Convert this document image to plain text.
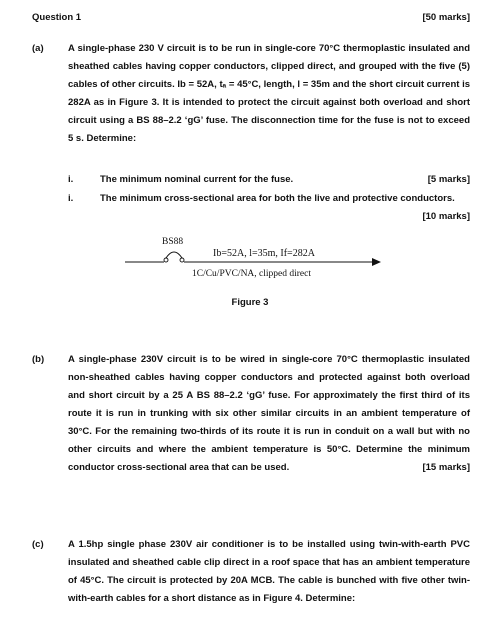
Question 1	[50 marks]
(a)	A single-phase 230 V circuit is to be run in single-core 70°C thermoplastic insulated and sheathed cables having copper conductors, clipped direct, and grouped with the five (5) cables of other circuits. Ib = 52A, tₐ = 45°C, length, l = 35m and the short circuit current is 282A as in Figure 3. It is intended to protect the circuit against both overload and short circuit using a BS 88–2.2 ‘gG’ fuse. The disconnection time for the fuse is not to exceed 5 s. Determine:
i.	The minimum nominal current for the fuse.	[5 marks]
i.	The minimum cross-sectional area for both the live and protective conductors.
[10 marks]
BS88
Ib=52A, l=35m, If=282A
1C/Cu/PVC/NA, clipped direct
Figure 3
(b)	A single-phase 230V circuit is to be wired in single-core 70°C thermoplastic insulated non-sheathed cables having copper conductors and protected against both overload and short circuit by a 25 A BS 88–2.2 ‘gG’ fuse. For approximately the first third of its route it is run in trunking with six other similar circuits in an ambient temperature of 30°C. For the remaining two-thirds of its route it is run in conduit on a wall but with no other circuits and where the ambient temperature is 50°C. Determine the minimum conductor cross-sectional area that can be used.	[15 marks]
(c)	A 1.5hp single phase 230V air conditioner is to be installed using twin-with-earth PVC insulated and sheathed cable clip direct in a roof space that has an ambient temperature of 45°C. The circuit is protected by 20A MCB. The cable is bunched with five other twin-with-earth cables for a short distance as in Figure 4. Determine:
